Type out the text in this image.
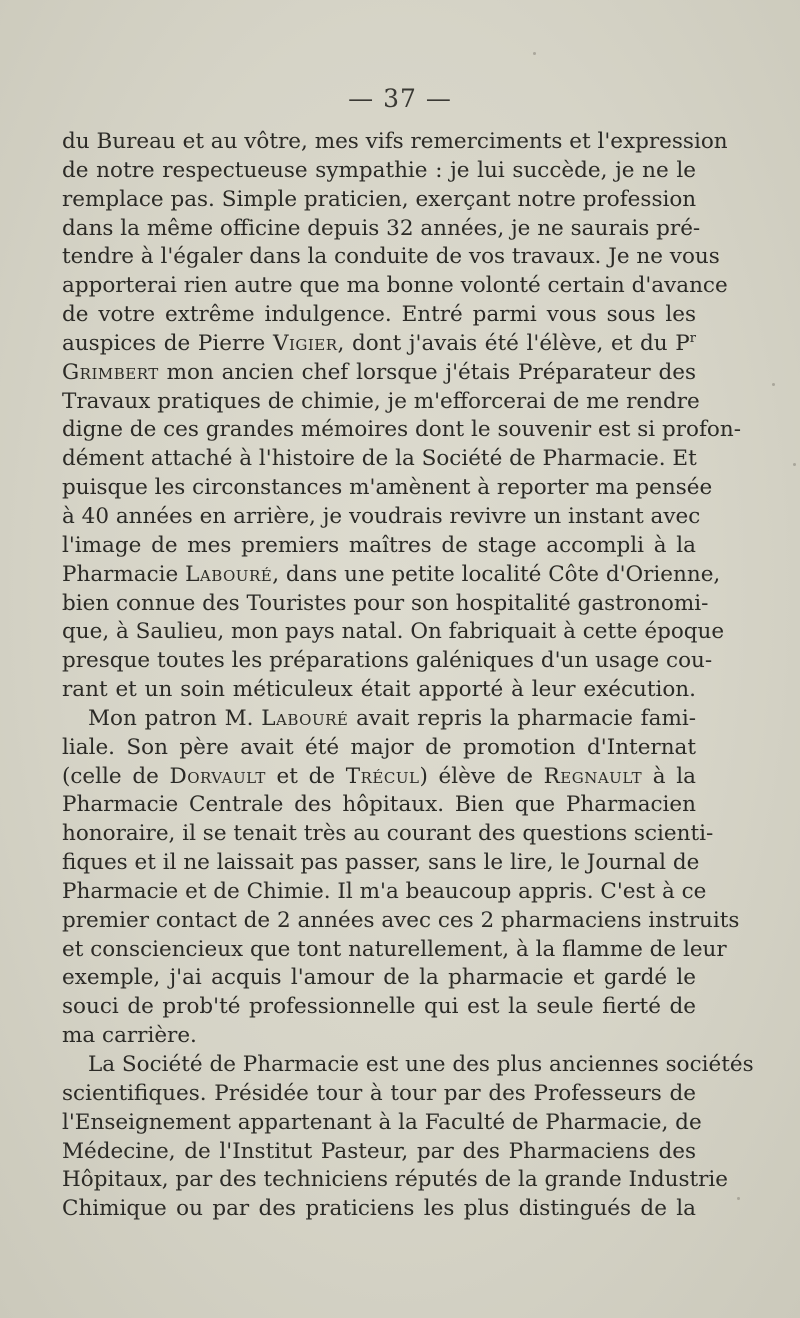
— 37 —

du Bureau et au vôtre, mes vifs remerciments et l'expression
de notre respectueuse sympathie : je lui succède, je ne le
remplace pas. Simple praticien, exerçant notre profession
dans la même officine depuis 32 années, je ne saurais pré-
tendre à l'égaler dans la conduite de vos travaux. Je ne vous
apporterai rien autre que ma bonne volonté certain d'avance
de votre extrême indulgence. Entré parmi vous sous les
auspices de Pierre Vigier, dont j'avais été l'élève, et du $P^r$
Grimbert mon ancien chef lorsque j'étais Préparateur des
Travaux pratiques de chimie, je m'efforcerai de me rendre
digne de ces grandes mémoires dont le souvenir est si profon-
dément attaché à l'histoire de la Société de Pharmacie. Et
puisque les circonstances m'amènent à reporter ma pensée
à 40 années en arrière, je voudrais revivre un instant avec
l'image de mes premiers maîtres de stage accompli à la
Pharmacie Labouré, dans une petite localité Côte d'Orienne,
bien connue des Touristes pour son hospitalité gastronomi-
que, à Saulieu, mon pays natal. On fabriquait à cette époque
presque toutes les préparations galéniques d'un usage cou-
rant et un soin méticuleux était apporté à leur exécution.
Mon patron M. Labouré avait repris la pharmacie fami-
liale. Son père avait été major de promotion d'Internat
(celle de Dorvault et de Trécul) élève de Regnault à la
Pharmacie Centrale des hôpitaux. Bien que Pharmacien
honoraire, il se tenait très au courant des questions scienti-
fiques et il ne laissait pas passer, sans le lire, le Journal de
Pharmacie et de Chimie. Il m'a beaucoup appris. C'est à ce
premier contact de 2 années avec ces 2 pharmaciens instruits
et consciencieux que tont naturellement, à la flamme de leur
exemple, j'ai acquis l'amour de la pharmacie et gardé le
souci de prob'té professionnelle qui est la seule fierté de
ma carrière.
La Société de Pharmacie est une des plus anciennes sociétés
scientifiques. Présidée tour à tour par des Professeurs de
l'Enseignement appartenant à la Faculté de Pharmacie, de
Médecine, de l'Institut Pasteur, par des Pharmaciens des
Hôpitaux, par des techniciens réputés de la grande Industrie
Chimique ou par des praticiens les plus distingués de la
